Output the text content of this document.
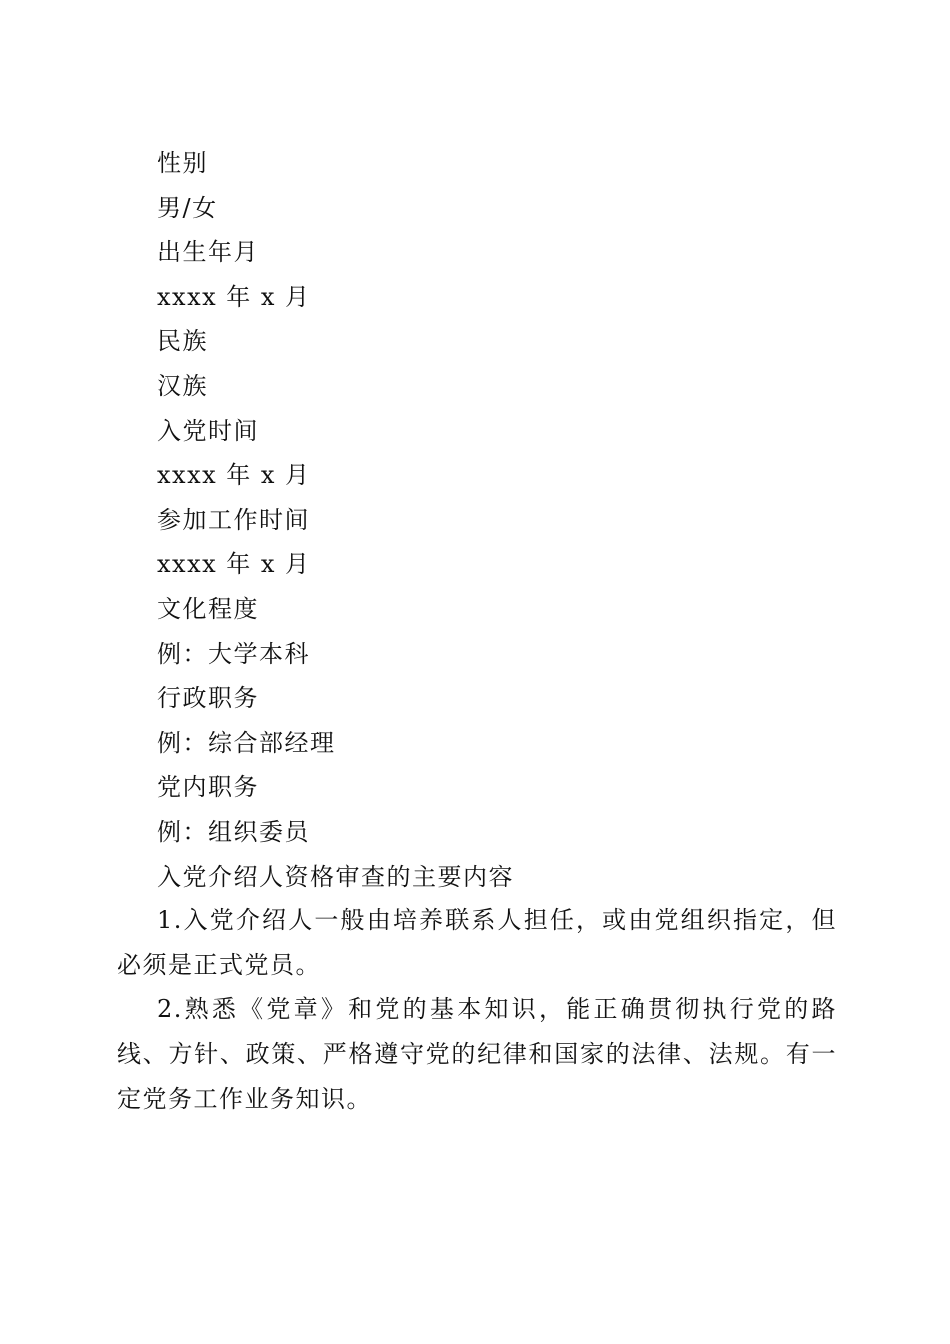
性别
男/女
出生年月
xxxx 年 x 月
民族
汉族
入党时间
xxxx 年 x 月
参加工作时间
xxxx 年 x 月
文化程度
例：大学本科
行政职务
例：综合部经理
党内职务
例：组织委员
入党介绍人资格审查的主要内容
1.入党介绍人一般由培养联系人担任，或由党组织指定，但必须是正式党员。
2.熟悉《党章》和党的基本知识，能正确贯彻执行党的路线、方针、政策、严格遵守党的纪律和国家的法律、法规。有一定党务工作业务知识。
